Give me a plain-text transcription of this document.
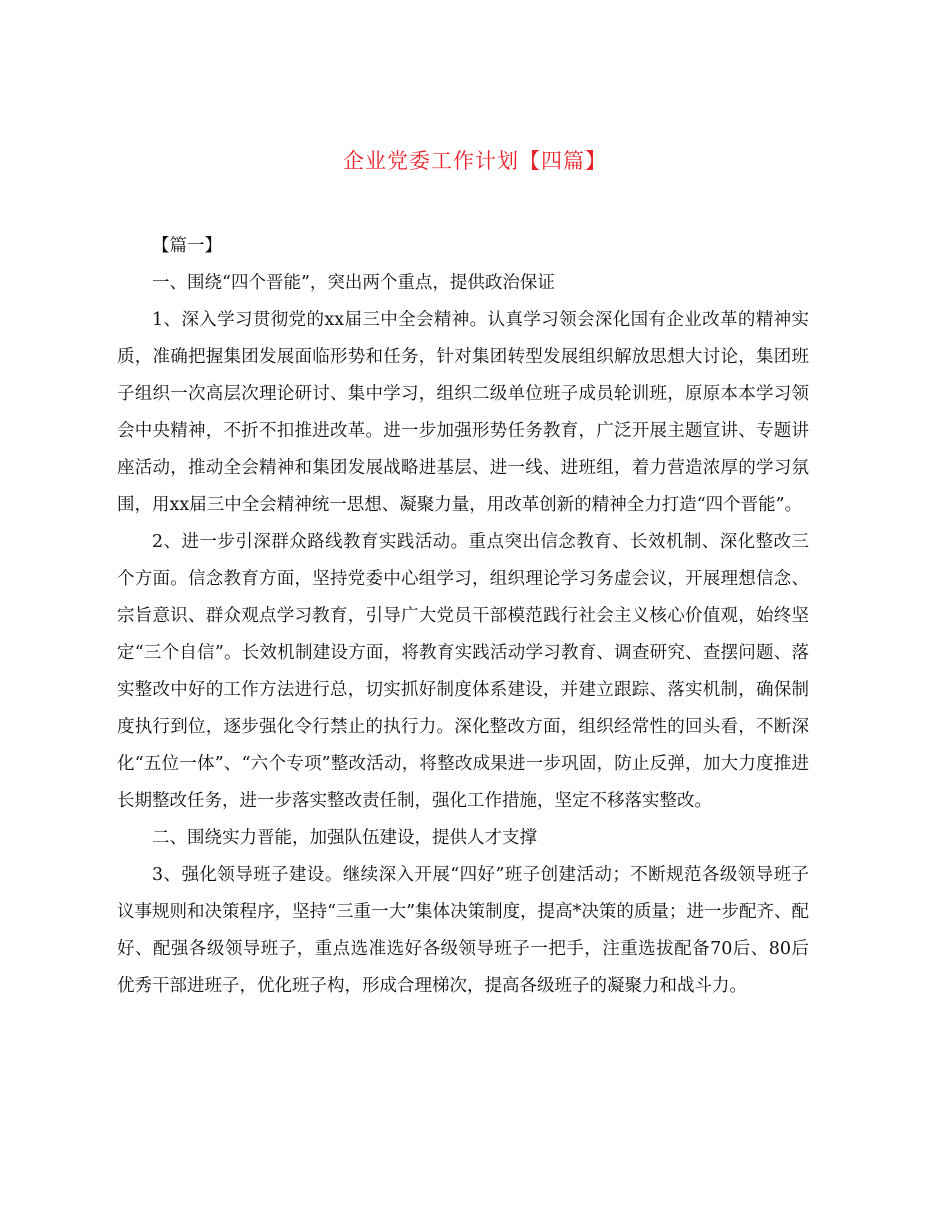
企业党委工作计划【四篇】

【篇一】

一、围绕“四个晋能”，突出两个重点，提供政治保证

1、深入学习贯彻党的xx届三中全会精神。认真学习领会深化国有企业改革的精神实质，准确把握集团发展面临形势和任务，针对集团转型发展组织解放思想大讨论，集团班子组织一次高层次理论研讨、集中学习，组织二级单位班子成员轮训班，原原本本学习领会中央精神，不折不扣推进改革。进一步加强形势任务教育，广泛开展主题宣讲、专题讲座活动，推动全会精神和集团发展战略进基层、进一线、进班组，着力营造浓厚的学习氛围，用xx届三中全会精神统一思想、凝聚力量，用改革创新的精神全力打造“四个晋能”。

2、进一步引深群众路线教育实践活动。重点突出信念教育、长效机制、深化整改三个方面。信念教育方面，坚持党委中心组学习，组织理论学习务虚会议，开展理想信念、宗旨意识、群众观点学习教育，引导广大党员干部模范践行社会主义核心价值观，始终坚定“三个自信”。长效机制建设方面，将教育实践活动学习教育、调查研究、查摆问题、落实整改中好的工作方法进行总，切实抓好制度体系建设，并建立跟踪、落实机制，确保制度执行到位，逐步强化令行禁止的执行力。深化整改方面，组织经常性的回头看，不断深化“五位一体”、“六个专项”整改活动，将整改成果进一步巩固，防止反弹，加大力度推进长期整改任务，进一步落实整改责任制，强化工作措施，坚定不移落实整改。

二、围绕实力晋能，加强队伍建设，提供人才支撑

3、强化领导班子建设。继续深入开展“四好”班子创建活动；不断规范各级领导班子议事规则和决策程序，坚持“三重一大”集体决策制度，提高*决策的质量；进一步配齐、配好、配强各级领导班子，重点选准选好各级领导班子一把手，注重选拔配备70后、80后优秀干部进班子，优化班子构，形成合理梯次，提高各级班子的凝聚力和战斗力。
